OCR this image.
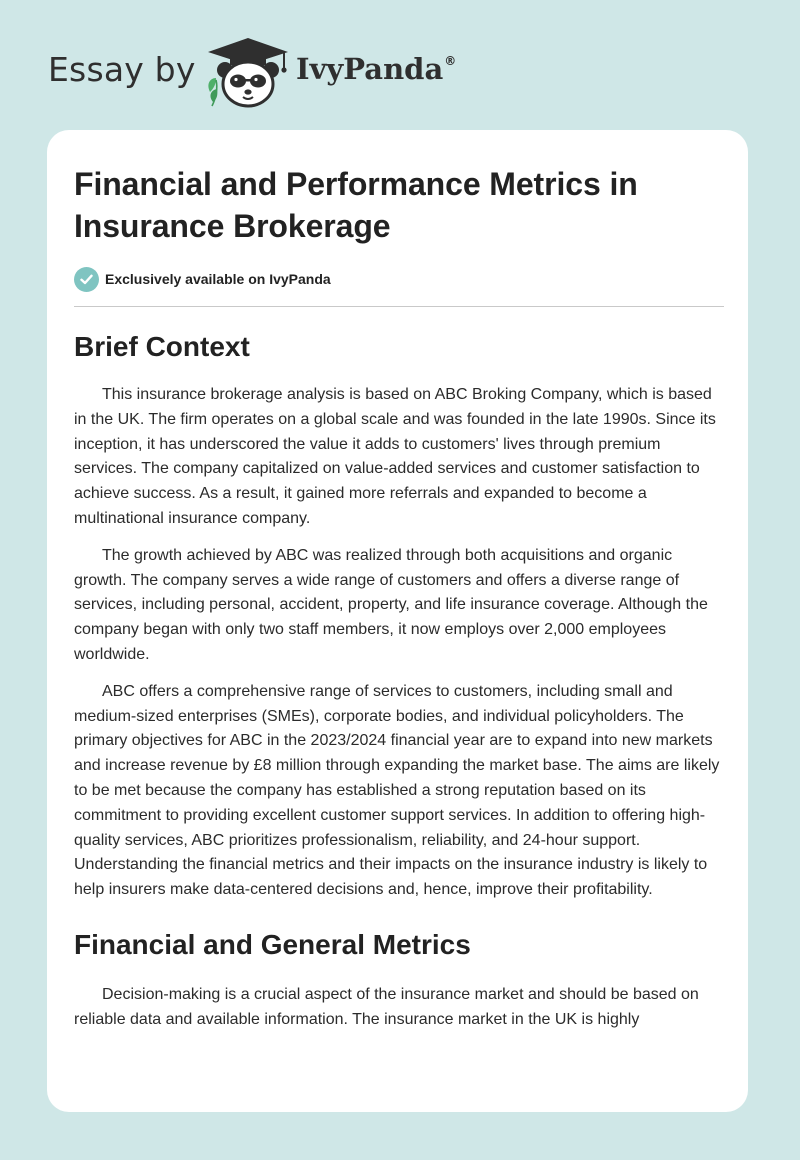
Essay by	IvyPanda®
Financial and Performance Metrics in Insurance Brokerage
Exclusively available on IvyPanda
Brief Context

This insurance brokerage analysis is based on ABC Broking Company, which is based in the UK. The firm operates on a global scale and was founded in the late 1990s. Since its inception, it has underscored the value it adds to customers' lives through premium services. The company capitalized on value-added services and customer satisfaction to achieve success. As a result, it gained more referrals and expanded to become a multinational insurance company.

The growth achieved by ABC was realized through both acquisitions and organic growth. The company serves a wide range of customers and offers a diverse range of services, including personal, accident, property, and life insurance coverage. Although the company began with only two staff members, it now employs over 2,000 employees worldwide.

ABC offers a comprehensive range of services to customers, including small and medium-sized enterprises (SMEs), corporate bodies, and individual policyholders. The primary objectives for ABC in the 2023/2024 financial year are to expand into new markets and increase revenue by £8 million through expanding the market base. The aims are likely to be met because the company has established a strong reputation based on its commitment to providing excellent customer support services. In addition to offering high-quality services, ABC prioritizes professionalism, reliability, and 24-hour support. Understanding the financial metrics and their impacts on the insurance industry is likely to help insurers make data-centered decisions and, hence, improve their profitability.

Financial and General Metrics

Decision-making is a crucial aspect of the insurance market and should be based on reliable data and available information. The insurance market in the UK is highly
